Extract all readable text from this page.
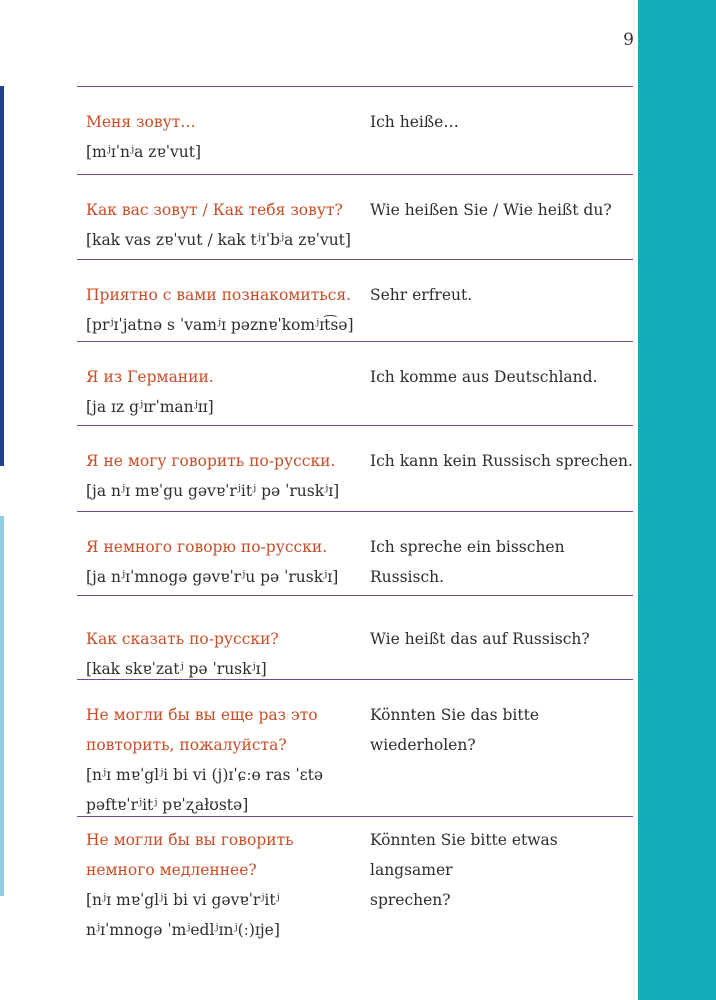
9
Меня зовут…
[mʲɪˈnʲa zɐˈvut]
Ich heiße…
Как вас зовут / Как тебя зовут?
[kak vas zɐˈvut / kak tʲɪˈbʲa zɐˈvut]
Wie heißen Sie / Wie heißt du?
Приятно с вами познакомиться.
[prʲɪˈjatnə s ˈvamʲɪ pəznɐˈkomʲɪt͡sə]
Sehr erfreut.
Я из Германии.
[ja ɪz gʲɪrˈmanʲɪɪ]
Ich komme aus Deutschland.
Я не могу говорить по-русски.
[ja nʲɪ mɐˈgu gəvɐˈrʲitʲ pə ˈruskʲɪ]
Ich kann kein Russisch sprechen.
Я немного говорю по-русски.
[ja nʲɪˈmnogə gəvɐˈrʲu pə ˈruskʲɪ]
Ich spreche ein bisschen Russisch.
Как сказать по-русски?
[kak skɐˈzatʲ pə ˈruskʲɪ]
Wie heißt das auf Russisch?
Не могли бы вы еще раз это
повторить, пожалуйста?
[nʲɪ mɐˈglʲi bi vi (j)ɪˈɕːɵ ras ˈɛtə
pəftɐˈrʲitʲ pɐˈʐałʊstə]
Könnten Sie das bitte wiederholen?
Не могли бы вы говорить
немного медленнее?
[nʲɪ mɐˈglʲi bi vi gəvɐˈrʲitʲ
nʲɪˈmnogə ˈmʲedlʲɪnʲ(ː)ɪje]
Könnten Sie bitte etwas langsamer
sprechen?
